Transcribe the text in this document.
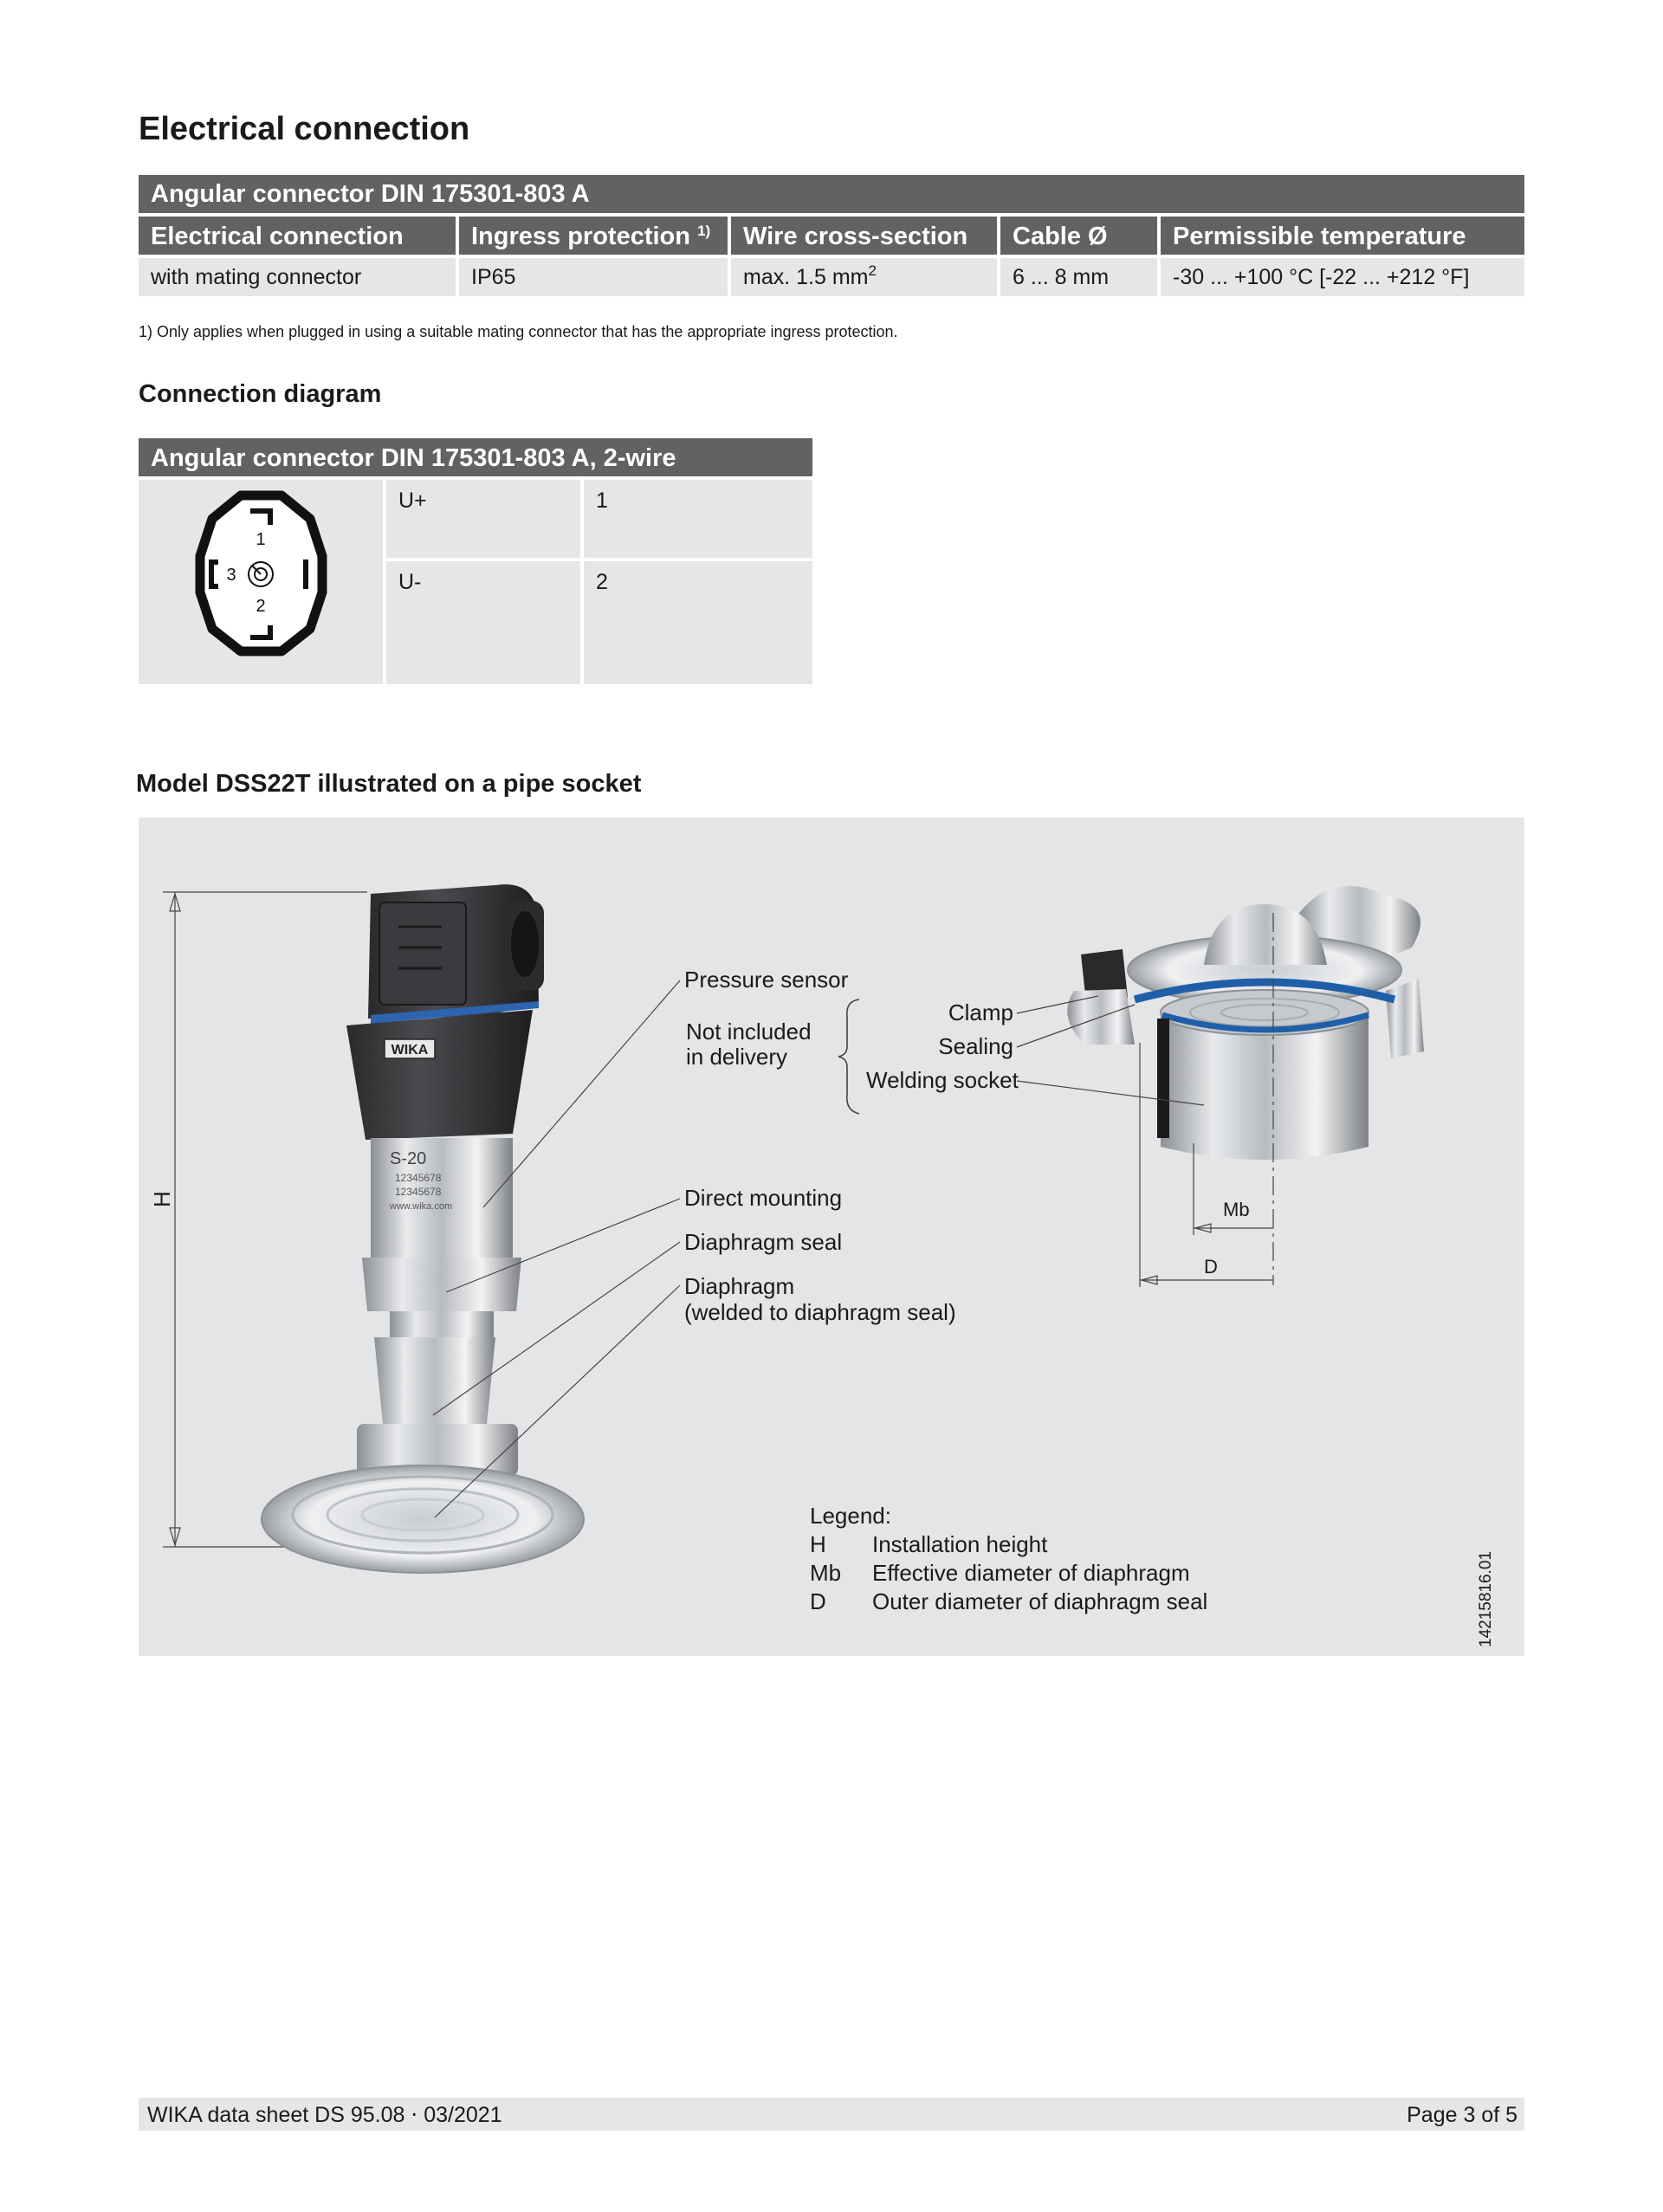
Electrical connection
Angular connector DIN 175301-803 A
Electrical connection	Ingress protection $^{1)}$	Wire cross-section	Cable Ø	Permissible temperature
with mating connector	IP65	max. 1.5 $mm^2$	6 ... 8 mm	-30 ... +100 °C [-22 ... +212 °F]
1) Only applies when plugged in using a suitable mating connector that has the appropriate ingress protection.
Connection diagram
Angular connector DIN 175301-803 A, 2-wire
1
2
3
U+	1
U-	2
Model DSS22T illustrated on a pipe socket
WIKA
S-20
12345678
12345678
www.wika.com
H
Pressure sensor
Not included
in delivery
Clamp
Sealing
Welding socket
Direct mounting
Diaphragm seal
Diaphragm
(welded to diaphragm seal)
Mb
D
Legend:
H	Installation height
Mb	Effective diameter of diaphragm
D	Outer diameter of diaphragm seal	14215816.01
WIKA data sheet DS 95.08 ⋅ 03/2021	Page 3 of 5
